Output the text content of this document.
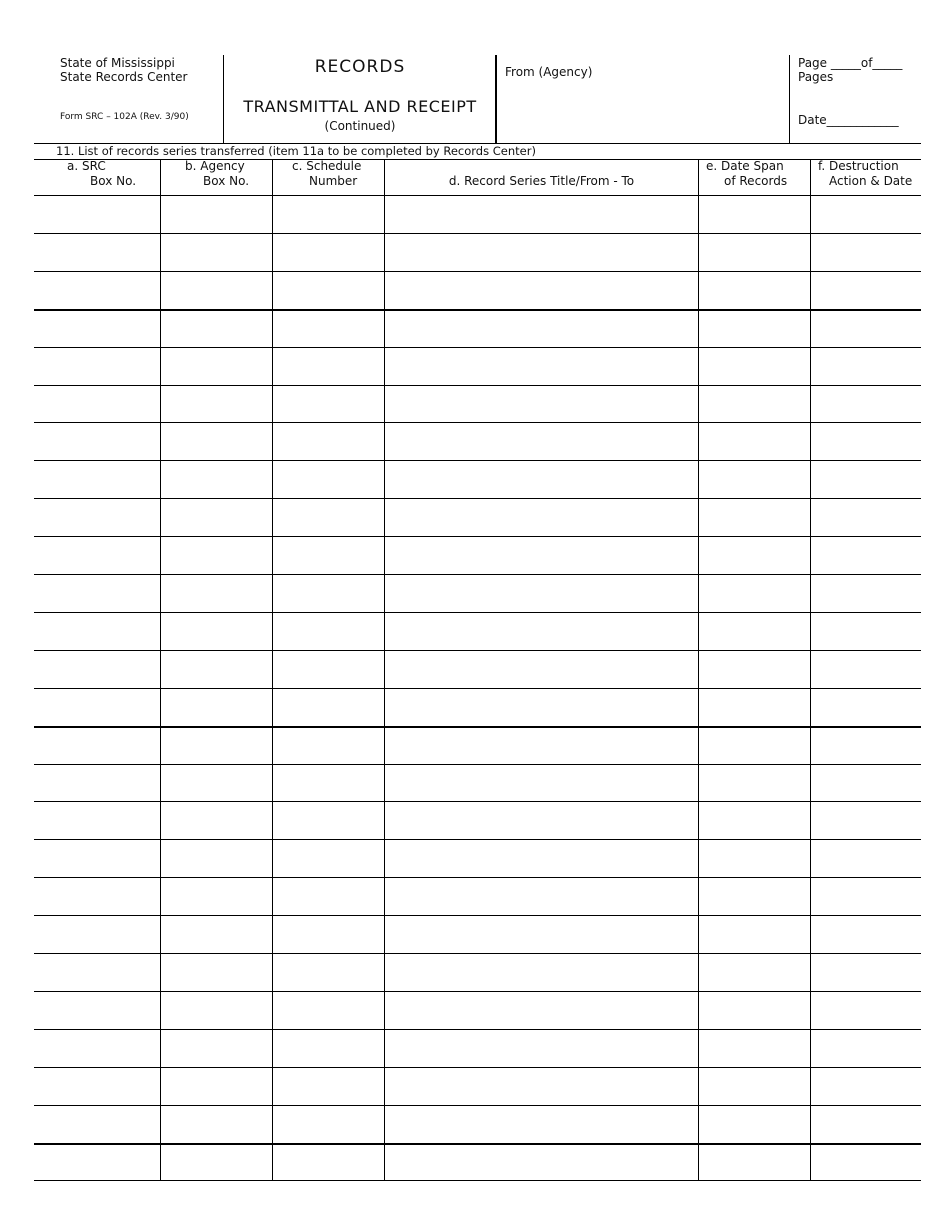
State of Mississippi
State Records Center
Form SRC – 102A (Rev. 3/90)
RECORDS
TRANSMITTAL AND RECEIPT
(Continued)
From (Agency)
Page _____of_____
Pages
Date____________
11. List of records series transferred (item 11a to be completed by Records Center)
a. SRC
Box No.
b. Agency
Box No.
c. Schedule
Number	d. Record Series Title/From - To
e. Date Span
of Records
f. Destruction
Action & Date
